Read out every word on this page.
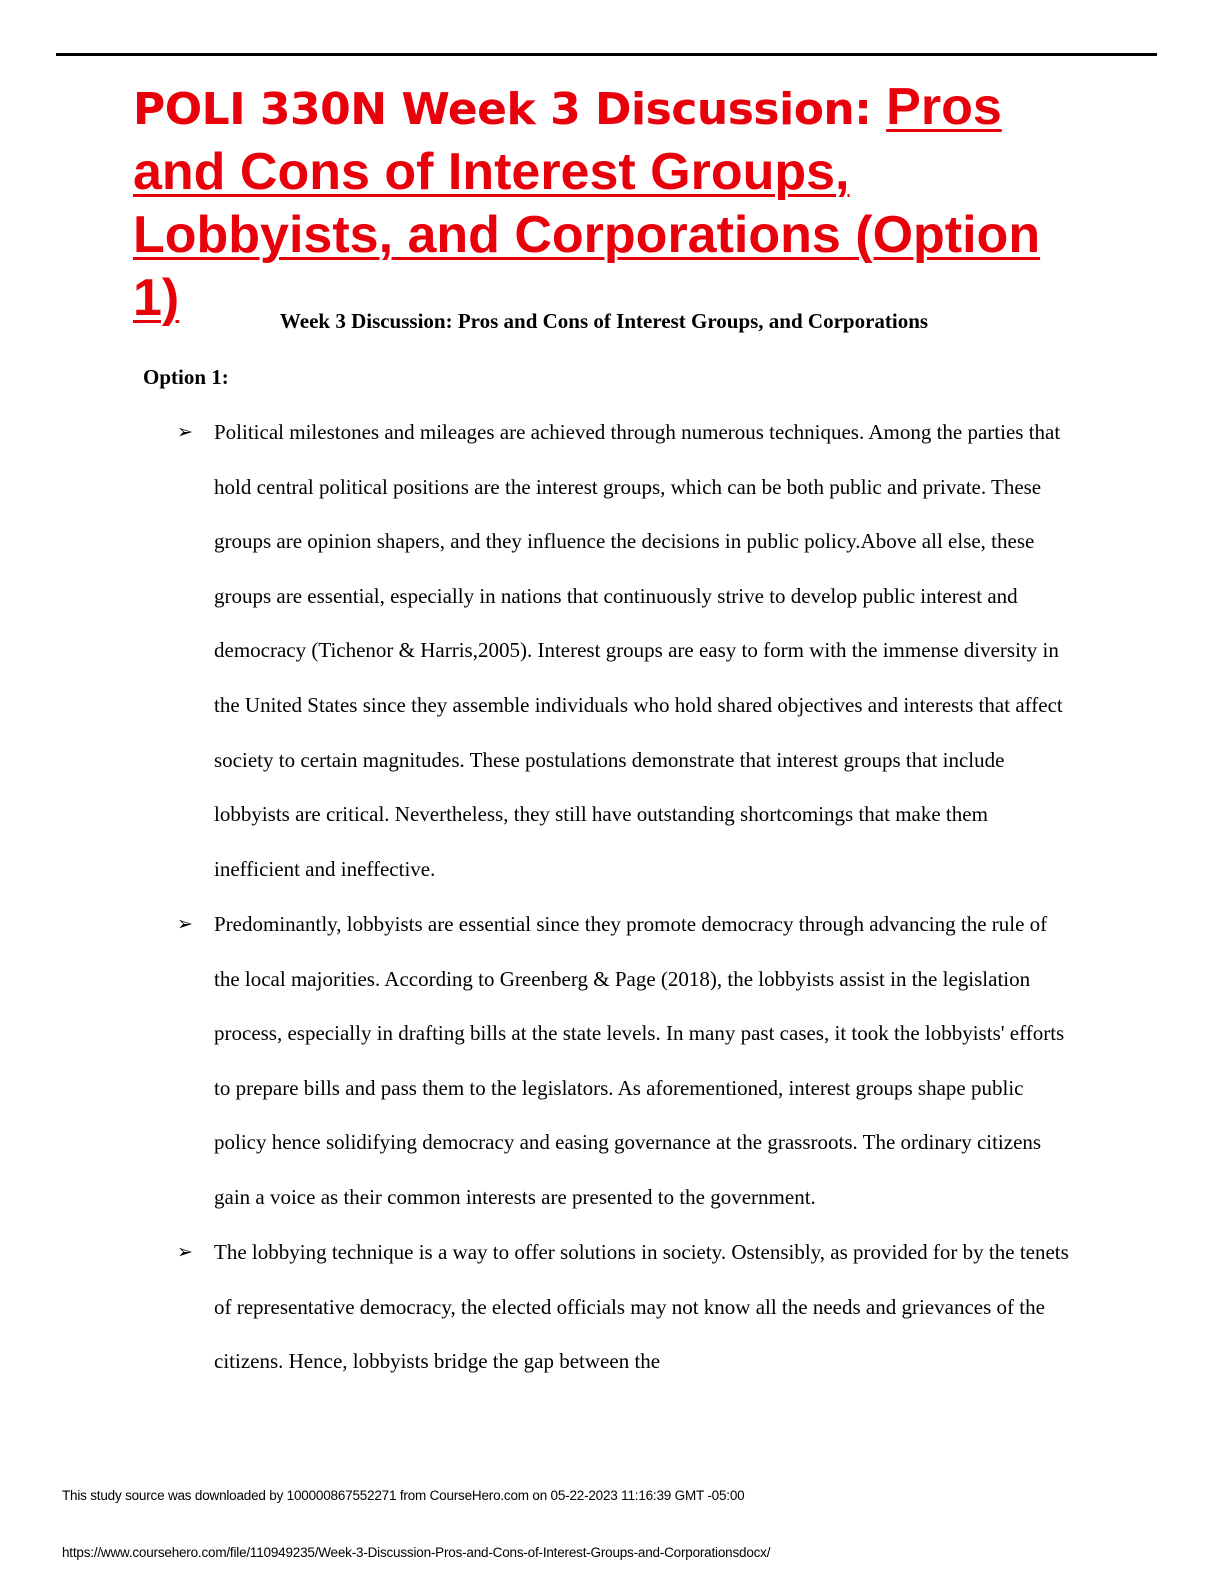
POLI 330N Week 3 Discussion: Pros and Cons of Interest Groups, Lobbyists, and Corporations (Option 1)	Week 3 Discussion: Pros and Cons of Interest Groups, and Corporations
Option 1:
➢ Political milestones and mileages are achieved through numerous techniques. Among the parties that hold central political positions are the interest groups, which can be both public and private. These groups are opinion shapers, and they influence the decisions in public policy.Above all else, these groups are essential, especially in nations that continuously strive to develop public interest and democracy (Tichenor & Harris,2005). Interest groups are easy to form with the immense diversity in the United States since they assemble individuals who hold shared objectives and interests that affect society to certain magnitudes. These postulations demonstrate that interest groups that include lobbyists are critical. Nevertheless, they still have outstanding shortcomings that make them inefficient and ineffective.
➢ Predominantly, lobbyists are essential since they promote democracy through advancing the rule of the local majorities. According to Greenberg & Page (2018), the lobbyists assist in the legislation process, especially in drafting bills at the state levels. In many past cases, it took the lobbyists' efforts to prepare bills and pass them to the legislators. As aforementioned, interest groups shape public policy hence solidifying democracy and easing governance at the grassroots. The ordinary citizens gain a voice as their common interests are presented to the government.
➢ The lobbying technique is a way to offer solutions in society. Ostensibly, as provided for by the tenets of representative democracy, the elected officials may not know all the needs and grievances of the citizens. Hence, lobbyists bridge the gap between the
This study source was downloaded by 100000867552271 from CourseHero.com on 05-22-2023 11:16:39 GMT -05:00
https://www.coursehero.com/file/110949235/Week-3-Discussion-Pros-and-Cons-of-Interest-Groups-and-Corporationsdocx/
